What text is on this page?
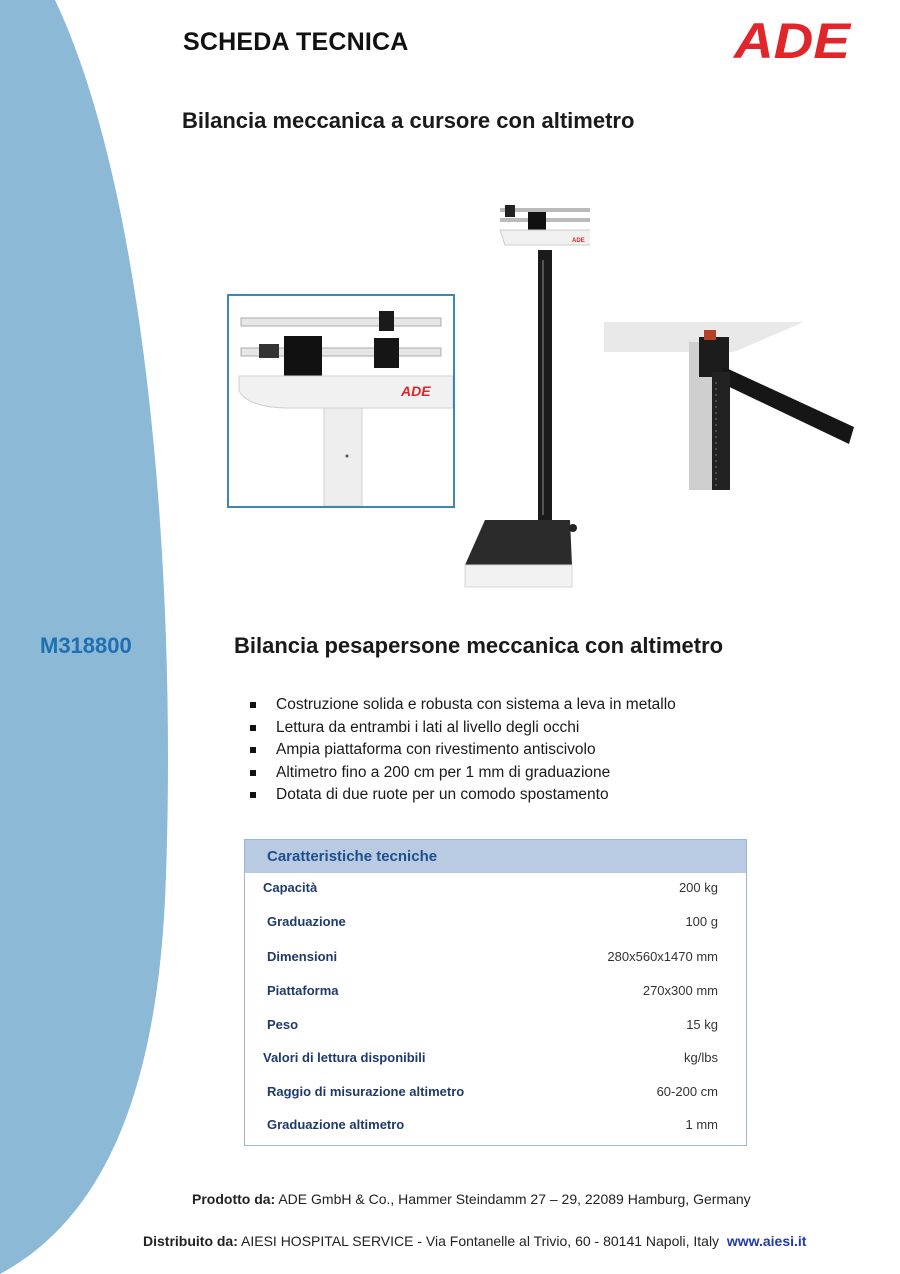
SCHEDA TECNICA	ADE
Bilancia meccanica a cursore con altimetro
ADE
ADE
M318800	Bilancia pesapersone meccanica con altimetro
Costruzione solida e robusta con sistema a leva in metallo
Lettura da entrambi i lati al livello degli occhi
Ampia piattaforma con rivestimento antiscivolo
Altimetro fino a 200 cm per 1 mm di graduazione
Dotata di due ruote per un comodo spostamento
Caratteristiche tecniche
Capacità	200 kg
Graduazione	100 g
Dimensioni	280x560x1470 mm
Piattaforma	270x300 mm
Peso	15 kg
Valori di lettura disponibili	kg/lbs
Raggio di misurazione altimetro	60-200 cm
Graduazione altimetro	1 mm
Prodotto da: ADE GmbH & Co., Hammer Steindamm 27 – 29, 22089 Hamburg, Germany
Distribuito da: AIESI HOSPITAL SERVICE - Via Fontanelle al Trivio, 60 - 80141 Napoli, Italy www.aiesi.it
